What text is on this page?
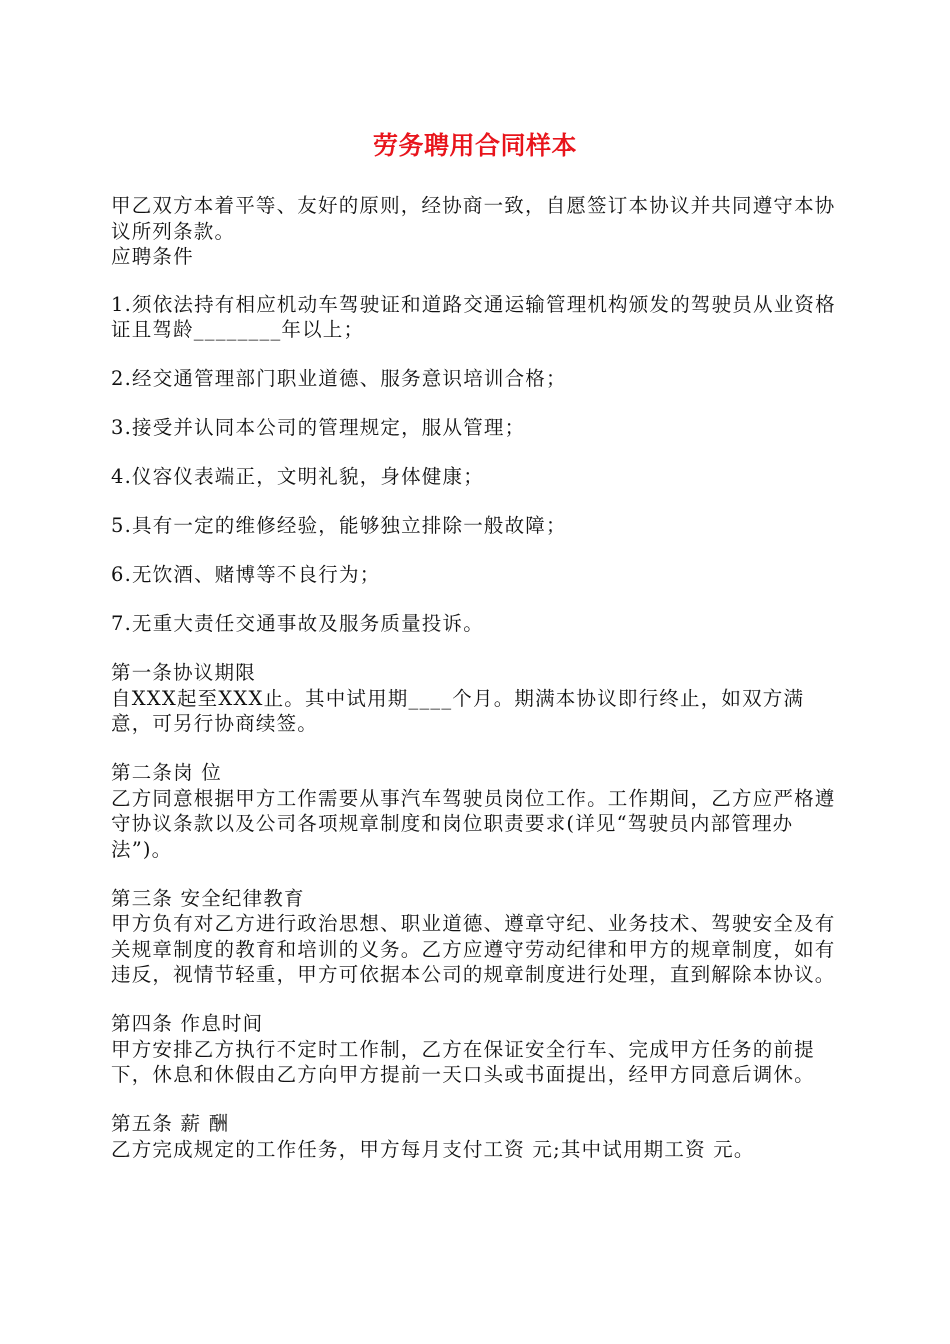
劳务聘用合同样本

甲乙双方本着平等、友好的原则，经协商一致，自愿签订本协议并共同遵守本协议所列条款。

应聘条件

1.须依法持有相应机动车驾驶证和道路交通运输管理机构颁发的驾驶员从业资格证且驾龄________年以上；

2.经交通管理部门职业道德、服务意识培训合格；

3.接受并认同本公司的管理规定，服从管理；

4.仪容仪表端正，文明礼貌，身体健康；

5.具有一定的维修经验，能够独立排除一般故障；

6.无饮酒、赌博等不良行为；

7.无重大责任交通事故及服务质量投诉。

第一条协议期限

自XXX起至XXX止。其中试用期____个月。期满本协议即行终止，如双方满意，可另行协商续签。

第二条岗 位

乙方同意根据甲方工作需要从事汽车驾驶员岗位工作。工作期间，乙方应严格遵守协议条款以及公司各项规章制度和岗位职责要求(详见“驾驶员内部管理办法”)。

第三条 安全纪律教育

甲方负有对乙方进行政治思想、职业道德、遵章守纪、业务技术、驾驶安全及有关规章制度的教育和培训的义务。乙方应遵守劳动纪律和甲方的规章制度，如有违反，视情节轻重，甲方可依据本公司的规章制度进行处理，直到解除本协议。

第四条 作息时间

甲方安排乙方执行不定时工作制，乙方在保证安全行车、完成甲方任务的前提下，休息和休假由乙方向甲方提前一天口头或书面提出，经甲方同意后调休。

第五条 薪 酬

乙方完成规定的工作任务，甲方每月支付工资 元;其中试用期工资 元。
